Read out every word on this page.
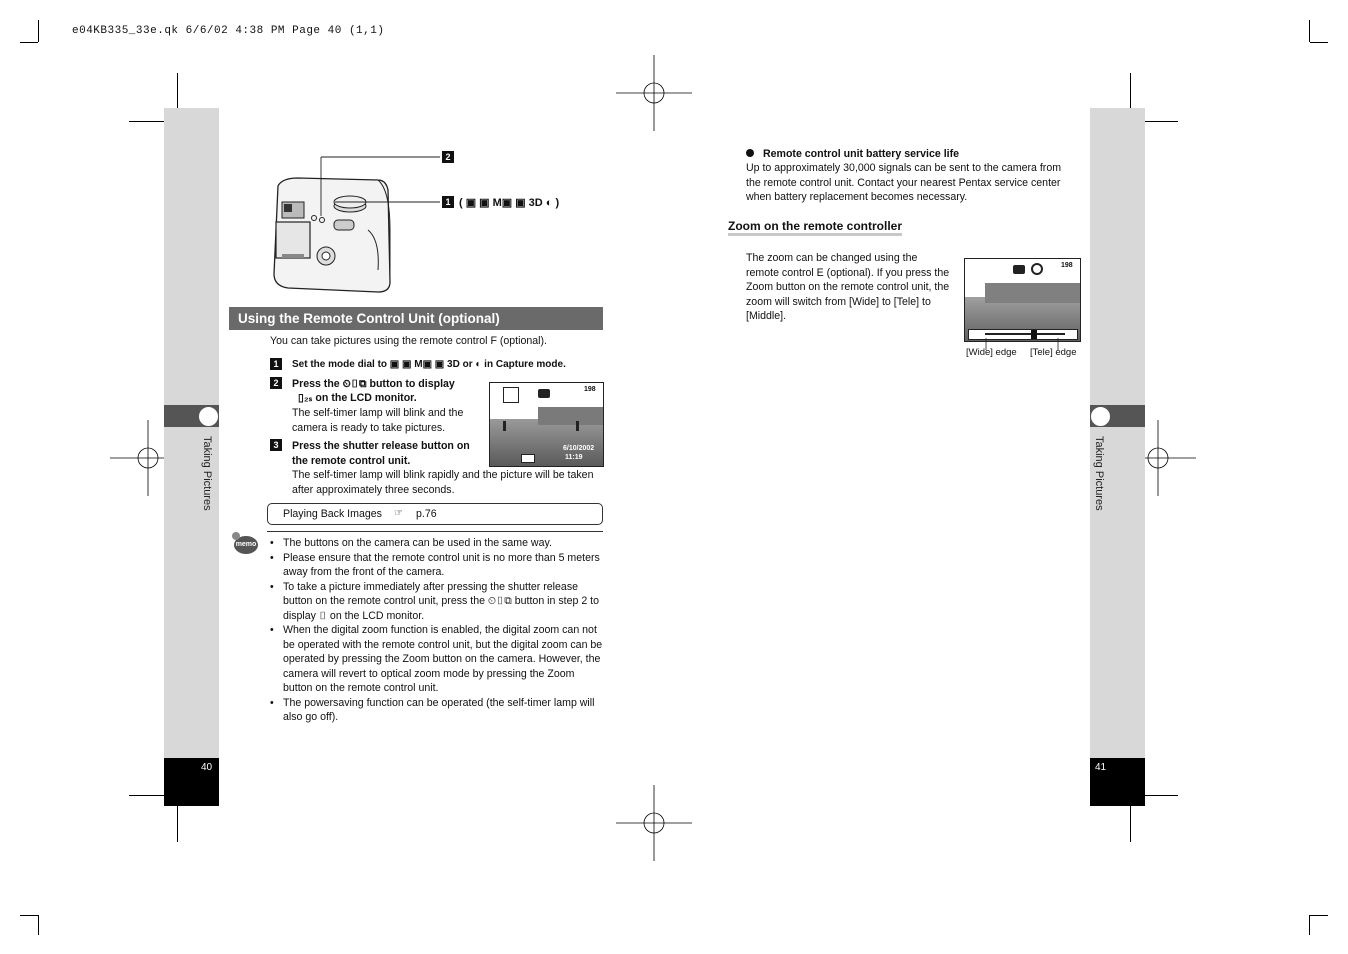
e04KB335_33e.qk 6/6/02 4:38 PM Page 40 (1,1)
Taking Pictures
40
Taking Pictures
41
2
1 ( ▣ ▣ M▣ ▣ 3D ◐ )
Using the Remote Control Unit (optional)
You can take pictures using the remote control F (optional).
1	Set the mode dial to ▣ ▣ M▣ ▣ 3D or ◐ in Capture mode.
2	Press the ⏲▯⧉ button to display
▯₂ₛ on the LCD monitor.
The self-timer lamp will blink and the camera is ready to take pictures.
198
6/10/2002
11:19
3	Press the shutter release button on the remote control unit.
The self-timer lamp will blink rapidly and the picture will be taken after approximately three seconds.
Playing Back Images ☞ p.76
memo
•	The buttons on the camera can be used in the same way.
• Please ensure that the remote control unit is no more than 5 meters away from the front of the camera.
• To take a picture immediately after pressing the shutter release button on the remote control unit, press the ⏲▯⧉ button in step 2 to display ▯ on the LCD monitor.
• When the digital zoom function is enabled, the digital zoom can not be operated with the remote control unit, but the digital zoom can be operated by pressing the Zoom button on the camera. However, the camera will revert to optical zoom mode by pressing the Zoom button on the remote control unit.
• The powersaving function can be operated (the self-timer lamp will also go off).
Remote control unit battery service life
Up to approximately 30,000 signals can be sent to the camera from the remote control unit. Contact your nearest Pentax service center when battery replacement becomes necessary.
Zoom on the remote controller
The zoom can be changed using the remote control E (optional). If you press the Zoom button on the remote control unit, the zoom will switch from [Wide] to [Tele] to [Middle].
198
[Wide] edge [Tele] edge
